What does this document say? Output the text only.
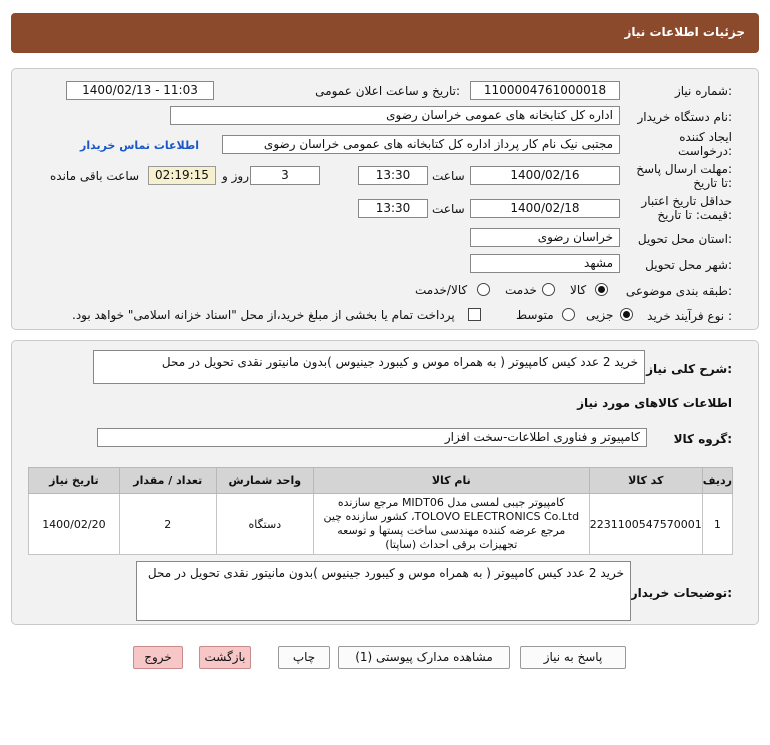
جزئیات اطلاعات نیاز
شماره نیاز:
1100004761000018
تاریخ و ساعت اعلان عمومی:
1400/02/13 - 11:03
نام دستگاه خریدار:
اداره کل کتابخانه های عمومی خراسان رضوی
ایجاد کننده
درخواست:
مجتبی نیک نام کار پرداز اداره کل کتابخانه های عمومی خراسان رضوی
اطلاعات تماس خریدار
مهلت ارسال پاسخ:
تا تاریخ:
1400/02/16
ساعت
13:30
3
روز و
02:19:15
ساعت باقی مانده
حداقل تاریخ اعتبار
قیمت: تا تاریخ:
1400/02/18
ساعت
13:30
استان محل تحویل:
خراسان رضوی
شهر محل تحویل:
مشهد
طبقه بندی موضوعی:
کالا
خدمت
کالا/خدمت
نوع فرآیند خرید :
جزیی
متوسط
پرداخت تمام یا بخشی از مبلغ خرید،از محل "اسناد خزانه اسلامی" خواهد بود.
شرح کلی نیاز:
خرید 2 عدد کیس کامپیوتر ( به همراه موس و کیبورد جینیوس )بدون مانیتور نقدی تحویل در محل
اطلاعات کالاهای مورد نیاز
گروه کالا:
کامپیوتر و فناوری اطلاعات-سخت افزار
ردیف	کد کالا	نام کالا	واحد شمارش	تعداد / مقدار	تاریخ نیاز
1	2231100547570001	کامپیوتر جیبی لمسی مدل MIDT06 مرجع سازنده TOLOVO ELECTRONICS Co.Ltd، کشور سازنده چین مرجع عرضه کننده مهندسی ساخت پستها و توسعه تجهیزات برقی احداث (ساپتا)	دستگاه	2	1400/02/20
توضیحات خریدار:
خرید 2 عدد کیس کامپیوتر ( به همراه موس و کیبورد جینیوس )بدون مانیتور نقدی تحویل در محل
پاسخ به نیاز
مشاهده مدارک پیوستی (1)
چاپ
بازگشت
خروج
